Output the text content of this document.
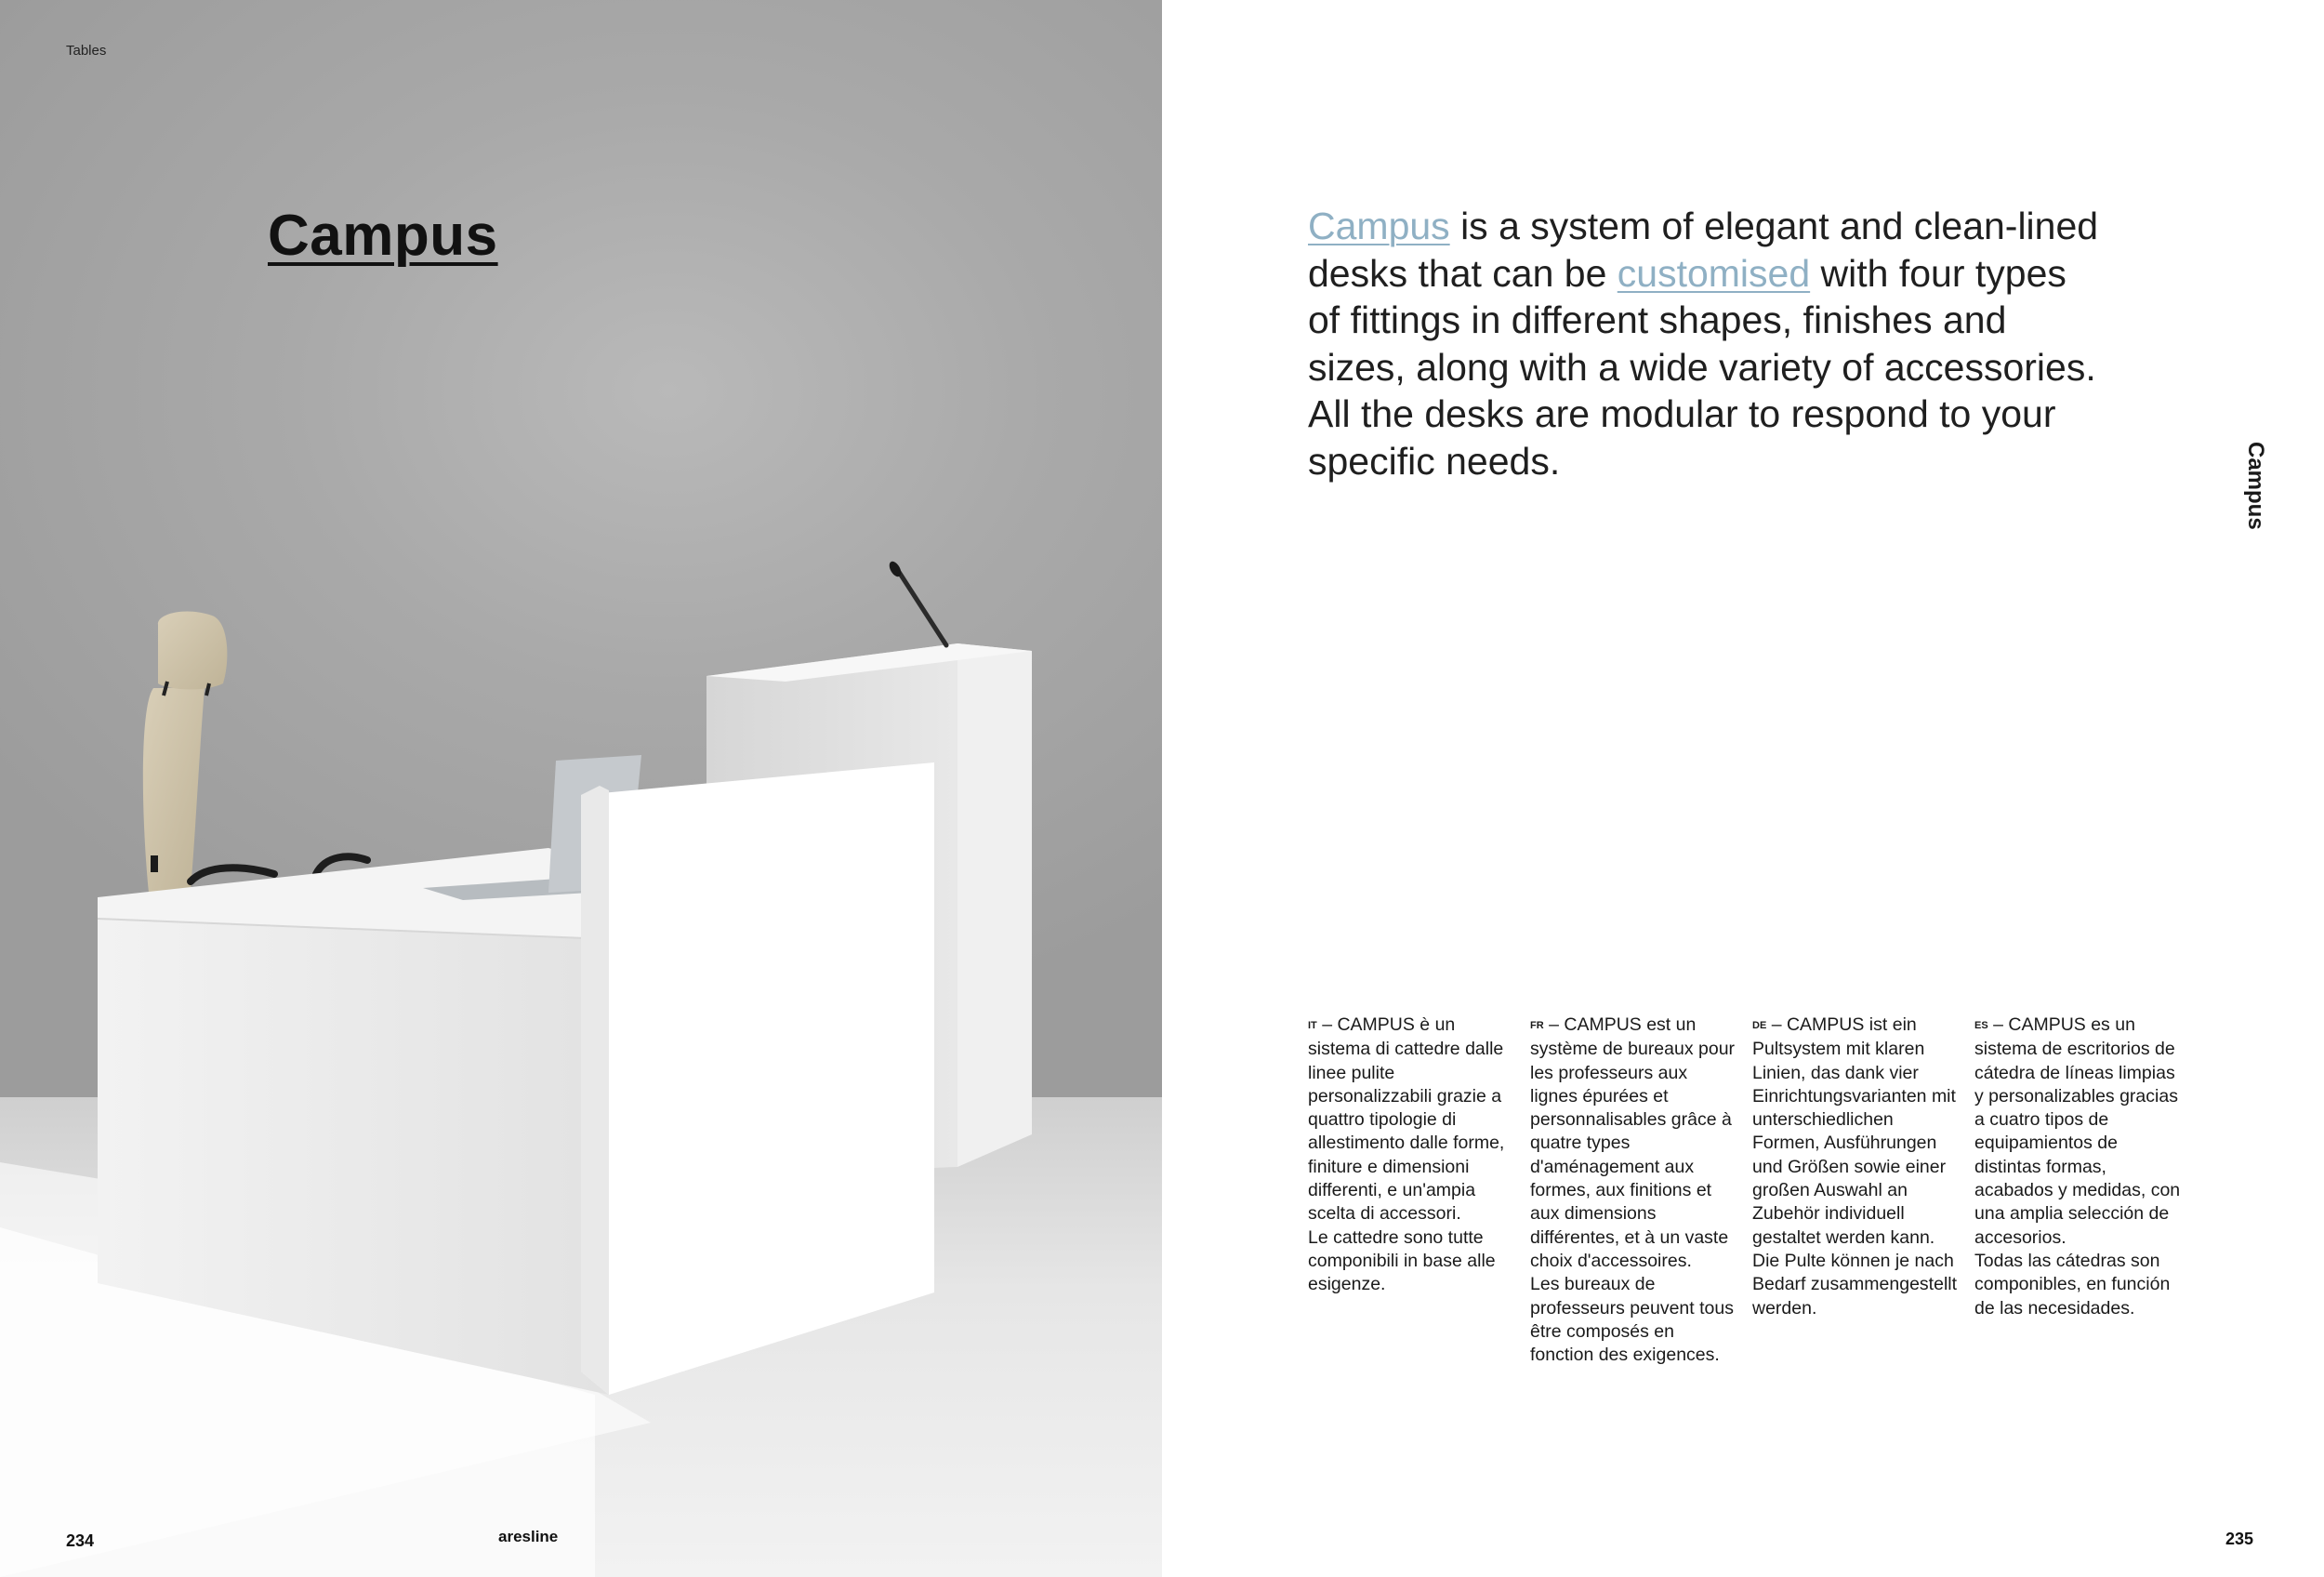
Tables
Campus
234	aresline
Campus is a system of elegant and clean-lined desks that can be customised with four types of fittings in different shapes, finishes and sizes, along with a wide variety of accessories. All the desks are modular to respond to your specific needs.	Campus

IT – CAMPUS è un sistema di cattedre dalle linee pulite personalizzabili grazie a quattro tipologie di allestimento dalle forme, finiture e dimensioni differenti, e un'ampia scelta di accessori.

Le cattedre sono tutte componibili in base alle esigenze.

FR – CAMPUS est un système de bureaux pour les professeurs aux lignes épurées et personnalisables grâce à quatre types d'aménagement aux formes, aux finitions et aux dimensions différentes, et à un vaste choix d'accessoires.

Les bureaux de professeurs peuvent tous être composés en fonction des exigences.

DE – CAMPUS ist ein Pultsystem mit klaren Linien, das dank vier Einrichtungsvarianten mit unterschiedlichen Formen, Ausführungen und Größen sowie einer großen Auswahl an Zubehör individuell gestaltet werden kann.

Die Pulte können je nach Bedarf zusammengestellt werden.

ES – CAMPUS es un sistema de escritorios de cátedra de líneas limpias y personalizables gracias a cuatro tipos de equipamientos de distintas formas, acabados y medidas, con una amplia selección de accesorios.

Todas las cátedras son componibles, en función de las necesidades.

235
